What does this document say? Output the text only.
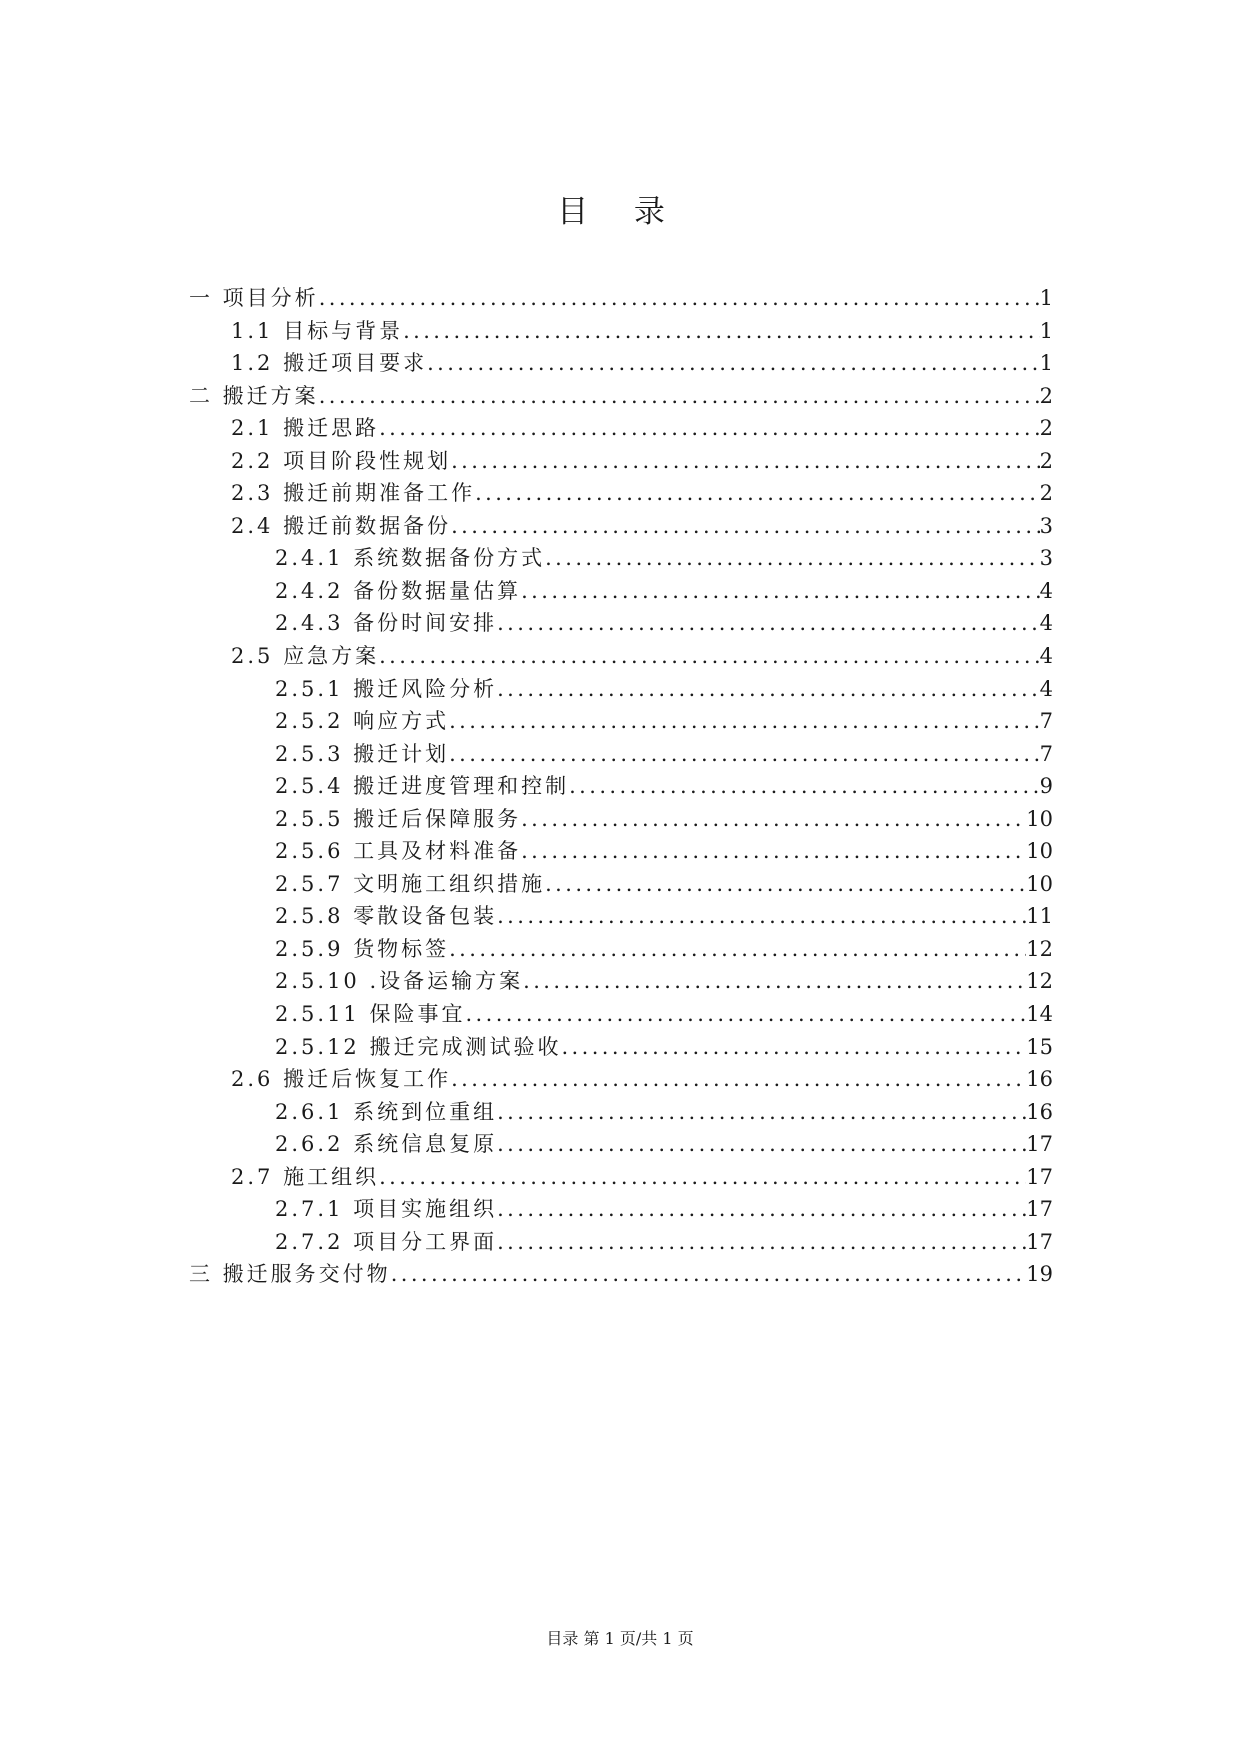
目 录
一 项目分析 .....	1
1.1 目标与背景 .....	1
1.2 搬迁项目要求 .....	1
二 搬迁方案 .....	2
2.1 搬迁思路 .....	2
2.2 项目阶段性规划 .....	2
2.3 搬迁前期准备工作 .....	2
2.4 搬迁前数据备份 .....	3
2.4.1 系统数据备份方式 .....	3
2.4.2 备份数据量估算 .....	4
2.4.3 备份时间安排 .....	4
2.5 应急方案 .....	4
2.5.1 搬迁风险分析 .....	4
2.5.2 响应方式 .....	7
2.5.3 搬迁计划 .....	7
2.5.4 搬迁进度管理和控制 .....	9
2.5.5 搬迁后保障服务 .....	10
2.5.6 工具及材料准备 .....	10
2.5.7 文明施工组织措施 .....	10
2.5.8 零散设备包装 .....	11
2.5.9 货物标签 .....	12
2.5.10 .设备运输方案 .....	12
2.5.11 保险事宜 .....	14
2.5.12 搬迁完成测试验收 .....	15
2.6 搬迁后恢复工作 .....	16
2.6.1 系统到位重组 .....	16
2.6.2 系统信息复原 .....	17
2.7 施工组织 .....	17
2.7.1 项目实施组织 .....	17
2.7.2 项目分工界面 .....	17
三 搬迁服务交付物 .....	19
目录 第 1 页/共 1 页
